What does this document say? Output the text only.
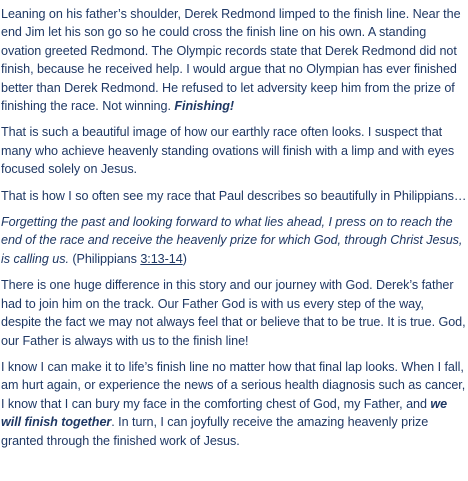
Leaning on his father’s shoulder, Derek Redmond limped to the finish line. Near the end Jim let his son go so he could cross the finish line on his own. A standing ovation greeted Redmond. The Olympic records state that Derek Redmond did not finish, because he received help. I would argue that no Olympian has ever finished better than Derek Redmond. He refused to let adversity keep him from the prize of finishing the race. Not winning. Finishing!

That is such a beautiful image of how our earthly race often looks. I suspect that many who achieve heavenly standing ovations will finish with a limp and with eyes focused solely on Jesus.

That is how I so often see my race that Paul describes so beautifully in Philippians…

Forgetting the past and looking forward to what lies ahead, I press on to reach the end of the race and receive the heavenly prize for which God, through Christ Jesus, is calling us. (Philippians 3:13-14)

There is one huge difference in this story and our journey with God. Derek’s father had to join him on the track. Our Father God is with us every step of the way, despite the fact we may not always feel that or believe that to be true. It is true. God, our Father is always with us to the finish line!

I know I can make it to life’s finish line no matter how that final lap looks. When I fall, am hurt again, or experience the news of a serious health diagnosis such as cancer, I know that I can bury my face in the comforting chest of God, my Father, and we will finish together. In turn, I can joyfully receive the amazing heavenly prize granted through the finished work of Jesus.
